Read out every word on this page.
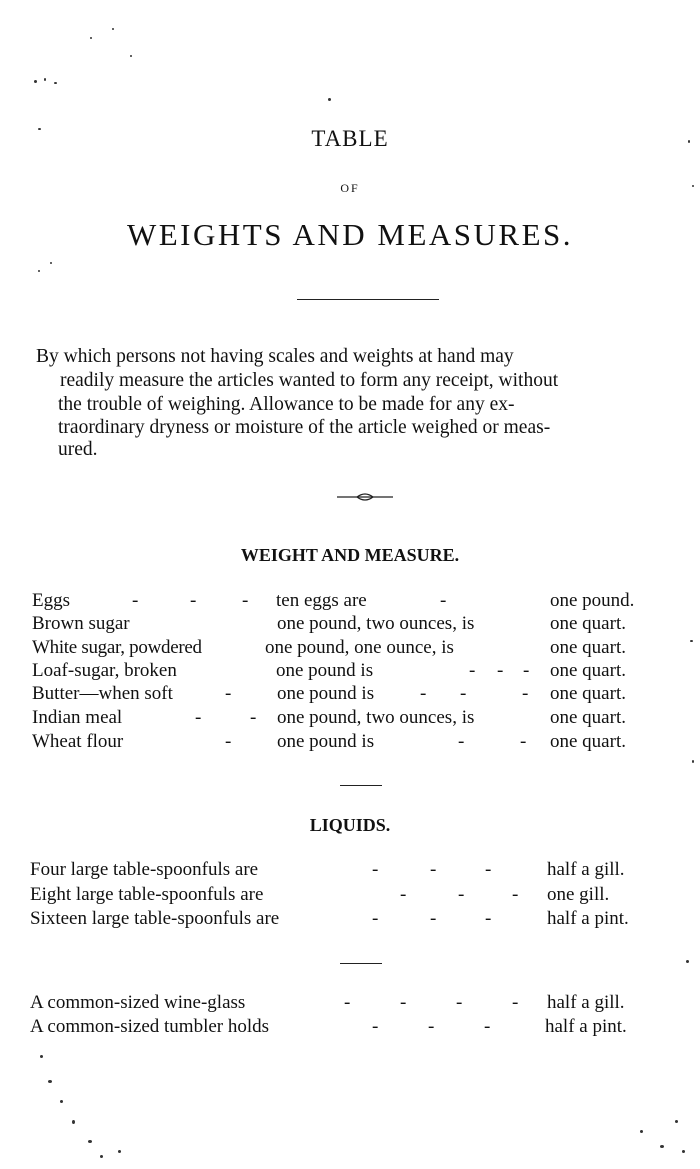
TABLE
OF
WEIGHTS AND MEASURES.
By which persons not having scales and weights at hand may
readily measure the articles wanted to form any receipt, without
the trouble of weighing. Allowance to be made for any ex-
traordinary dryness or moisture of the article weighed or meas-
ured.
WEIGHT AND MEASURE.
Eggs	-	- - ten eggs are	-	one pound.
Brown sugar	one pound, two ounces, is	one quart.
White sugar, powdered	one pound, one ounce, is	one quart.
Loaf-sugar, broken	one pound is	- - - one quart.
Butter—when soft	- one pound is - -	- one quart.
Indian meal	-	- one pound, two ounces, is	one quart.
Wheat flour	- one pound is	-	- one quart.
LIQUIDS.
Four large table-spoonfuls are	-	-	-	half a gill.
Eight large table-spoonfuls are	-	-	- one gill.
Sixteen large table-spoonfuls are	-	-	-	half a pint.
A common-sized wine-glass	-	-	-	- half a gill.
A common-sized tumbler holds	-	-	-	half a pint.
